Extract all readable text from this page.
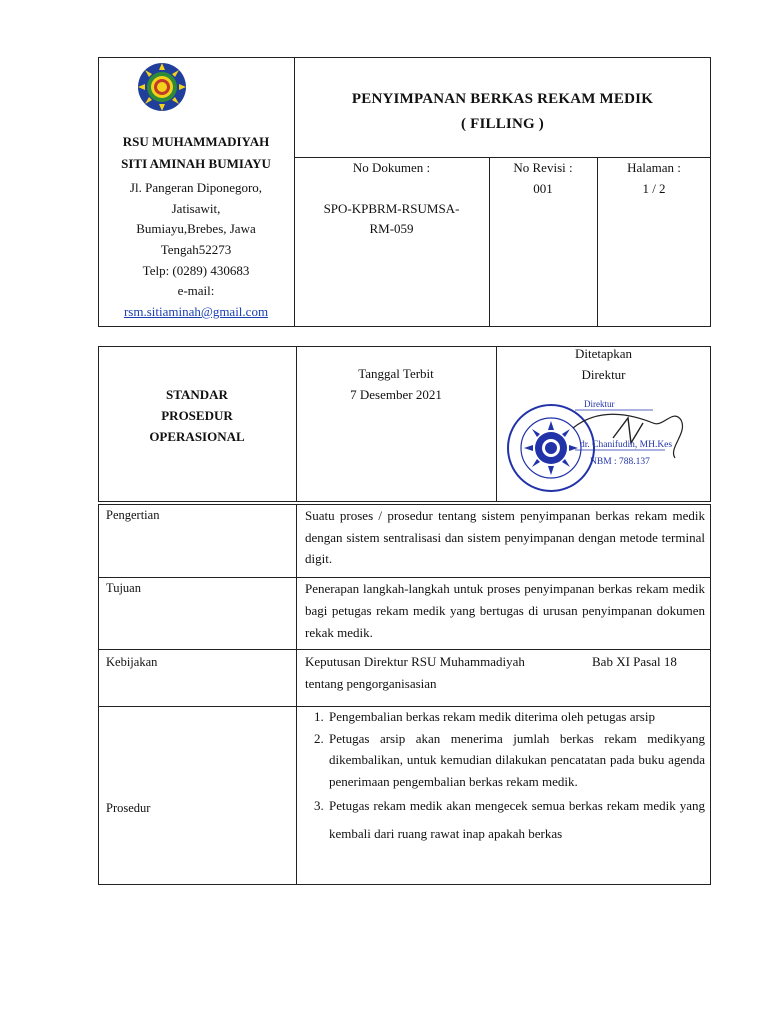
RSU MUHAMMADIYAH
SITI AMINAH BUMIAYU
Jl. Pangeran Diponegoro,
Jatisawit,
Bumiayu,Brebes, Jawa
Tengah52273
Telp: (0289) 430683
e-mail:
rsm.sitiaminah@gmail.com
PENYIMPANAN BERKAS REKAM MEDIK
( FILLING )
No Dokumen :
SPO-KPBRM-RSUMSA-
RM-059
No Revisi :
001
Halaman :
1 / 2
STANDAR
PROSEDUR
OPERASIONAL
Tanggal Terbit
7 Desember 2021
Ditetapkan
Direktur
Direktur
dr. Chanifudin, MH.Kes
NBM : 788.137
Pengertian	Suatu proses / prosedur tentang sistem penyimpanan berkas rekam medik dengan sistem sentralisasi dan sistem penyimpanan dengan metode terminal digit.
Tujuan	Penerapan langkah-langkah untuk proses penyimpanan berkas rekam medik bagi petugas rekam medik yang bertugas di urusan penyimpanan dokumen rekak medik.
Kebijakan	Keputusan Direktur RSU Muhammadiyah	Bab XI Pasal 18
tentang pengorganisasian
Prosedur
1. Pengembalian berkas rekam medik diterima oleh petugas arsip
2. Petugas arsip akan menerima jumlah berkas rekam medikyang dikembalikan, untuk kemudian dilakukan pencatatan pada buku agenda penerimaan pengembalian berkas rekam medik.
3. Petugas rekam medik akan mengecek semua berkas rekam medik yang kembali dari ruang rawat inap apakah berkas
